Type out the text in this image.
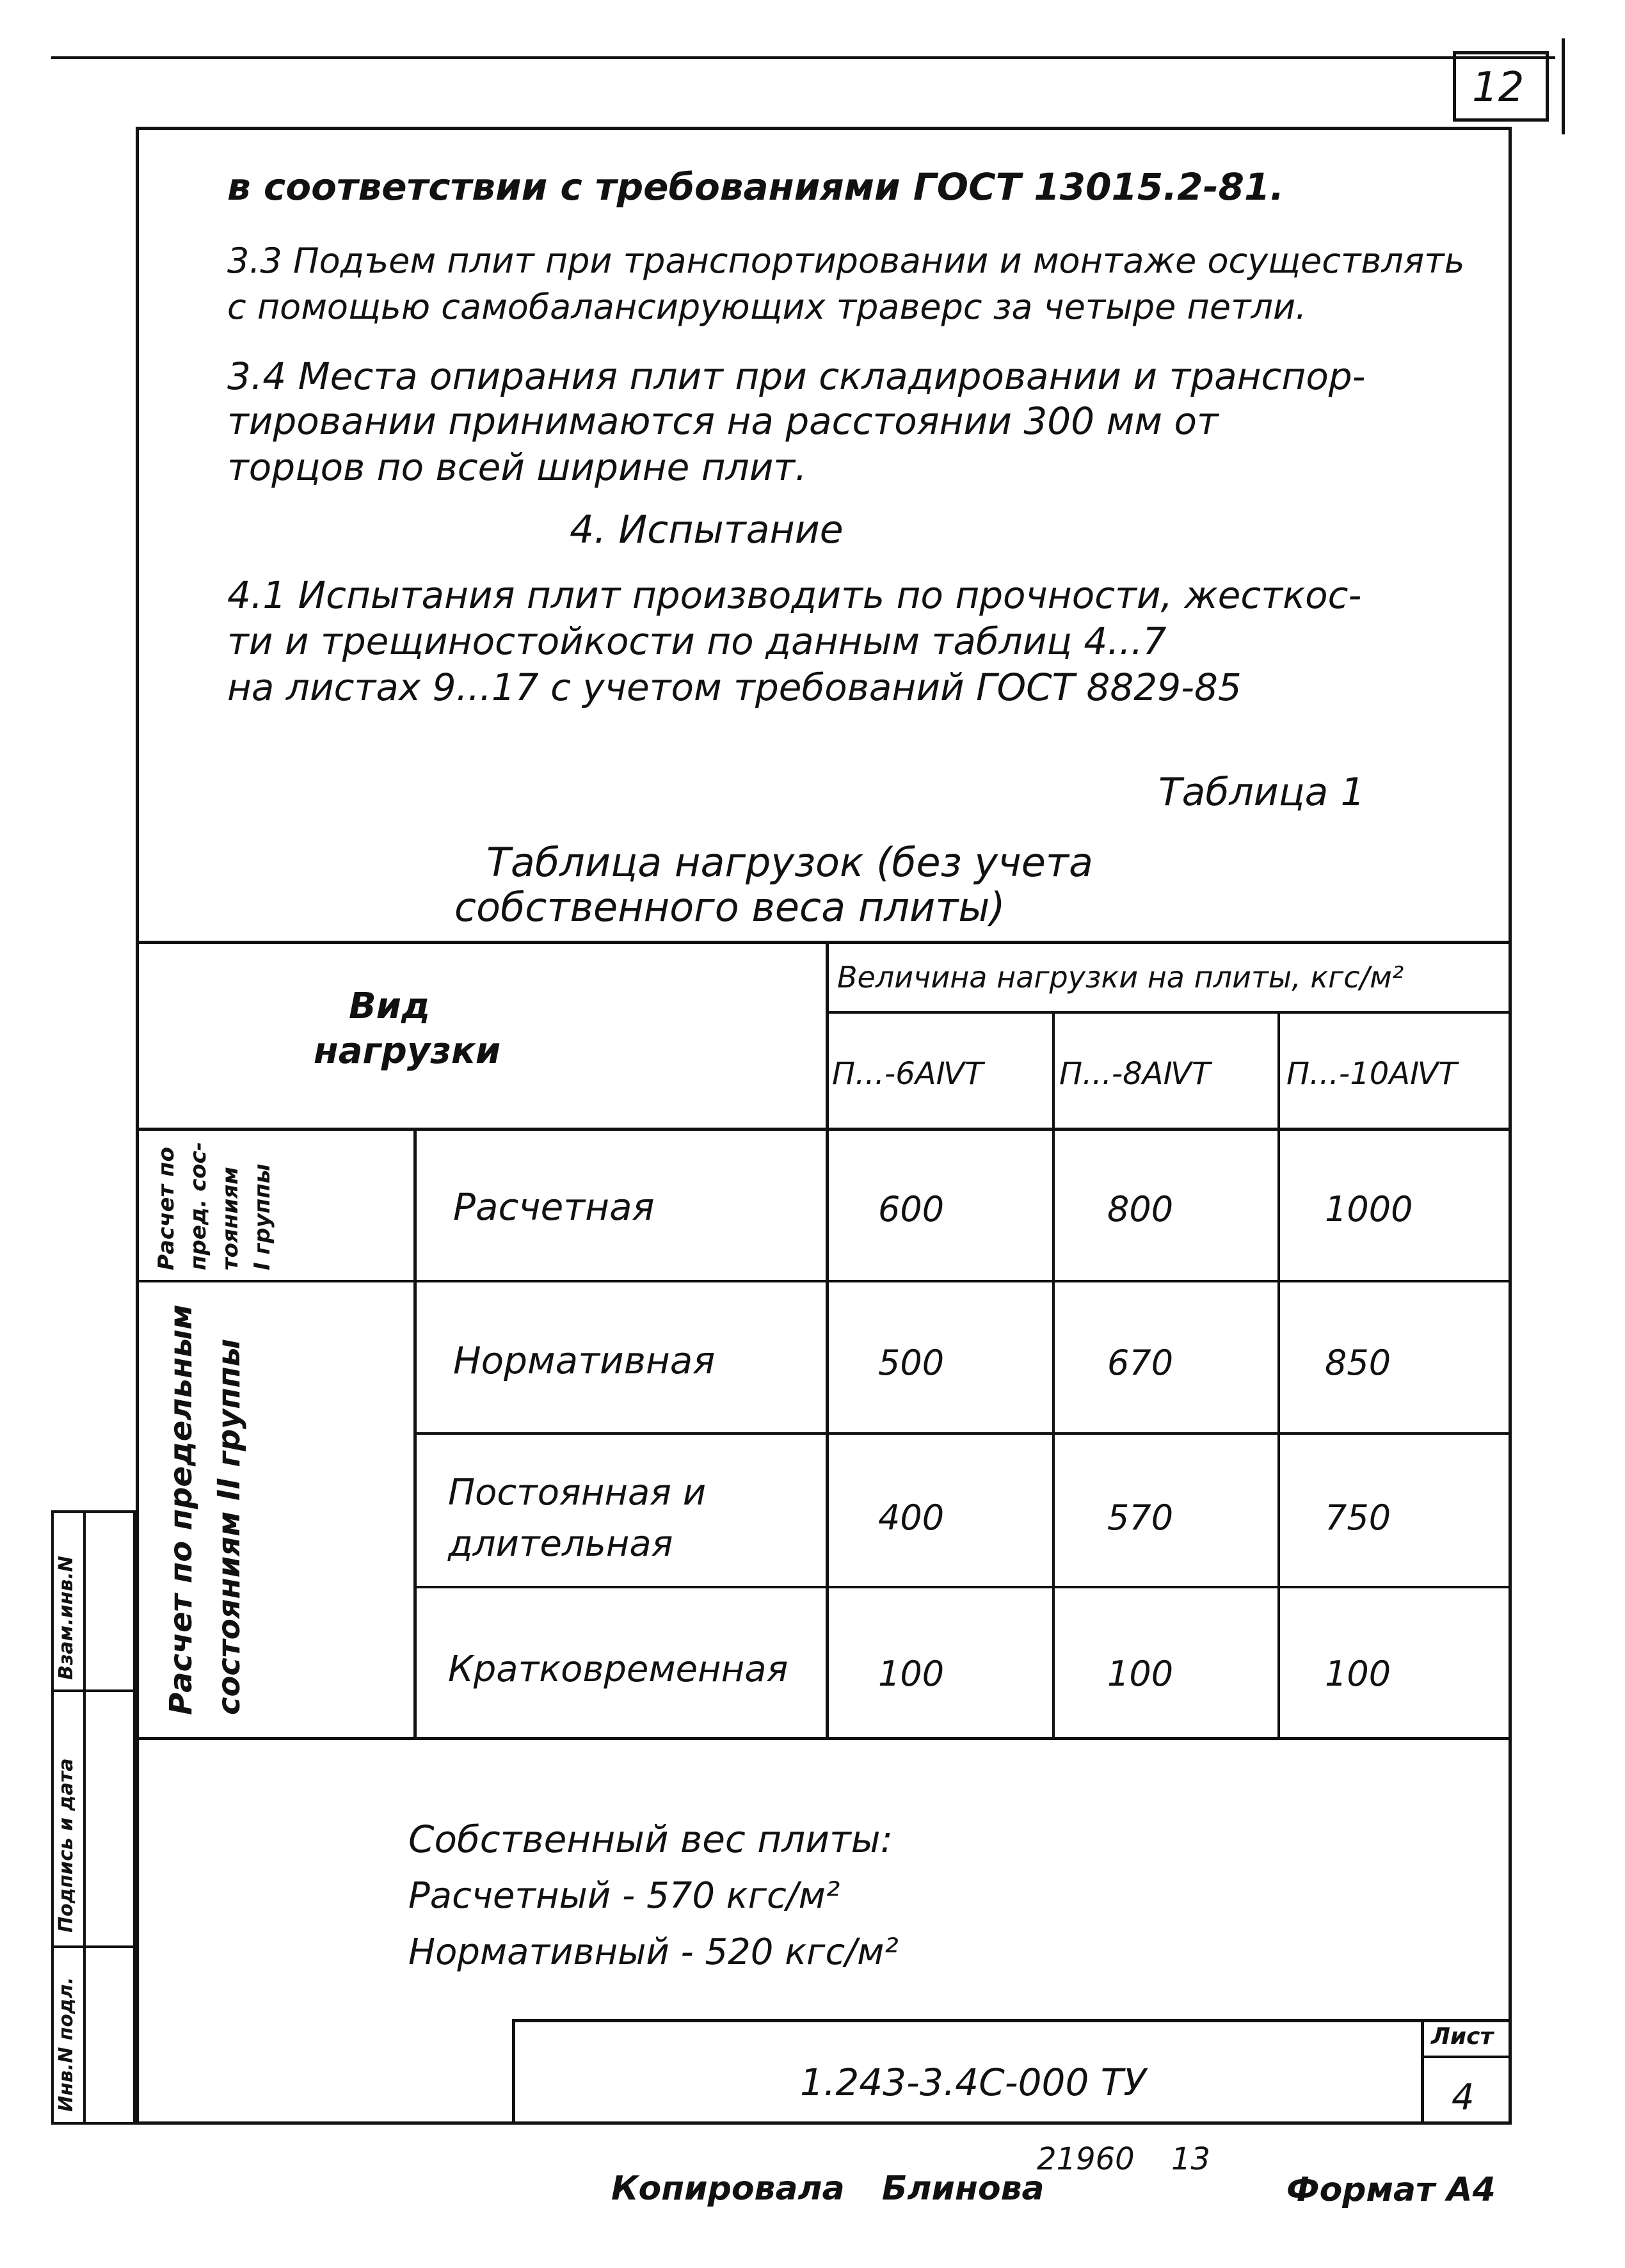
12
в соответствии с требованиями ГОСТ 13015.2-81.
3.3 Подъем плит при транспортировании и монтаже осуществлять
с помощью самобалансирующих траверс за четыре петли.
3.4 Места опирания плит при складировании и транспор-
тировании принимаются на расстоянии 300 мм от
торцов по всей ширине плит.
4. Испытание
4.1 Испытания плит производить по прочности, жесткос-
ти и трещиностойкости по данным таблиц 4...7
на листах 9...17 с учетом требований ГОСТ 8829-85
Таблица 1
Таблица нагрузок (без учета
собственного веса плиты)
Вид
нагрузки
Величина нагрузки на плиты, кгс/м²
П...-6АⅣТ П...-8АⅣТ П...-10АⅣТ
Расчет по пред. сос- тояниям I группы
Расчет по предельным состояниям II группы
Расчетная	600	800	1000
Нормативная	500	670	850
Постоянная и
длительная
400	570	750
Кратковременная	100	100	100
Собственный вес плиты:
Расчетный - 570 кгс/м²
Нормативный - 520 кгс/м²
1.243-3.4С-000 ТУ
Лист
4
Инв.N подл.
Подпись и дата
Взам.инв.N
Копировала Блинова
21960 13
Формат А4
